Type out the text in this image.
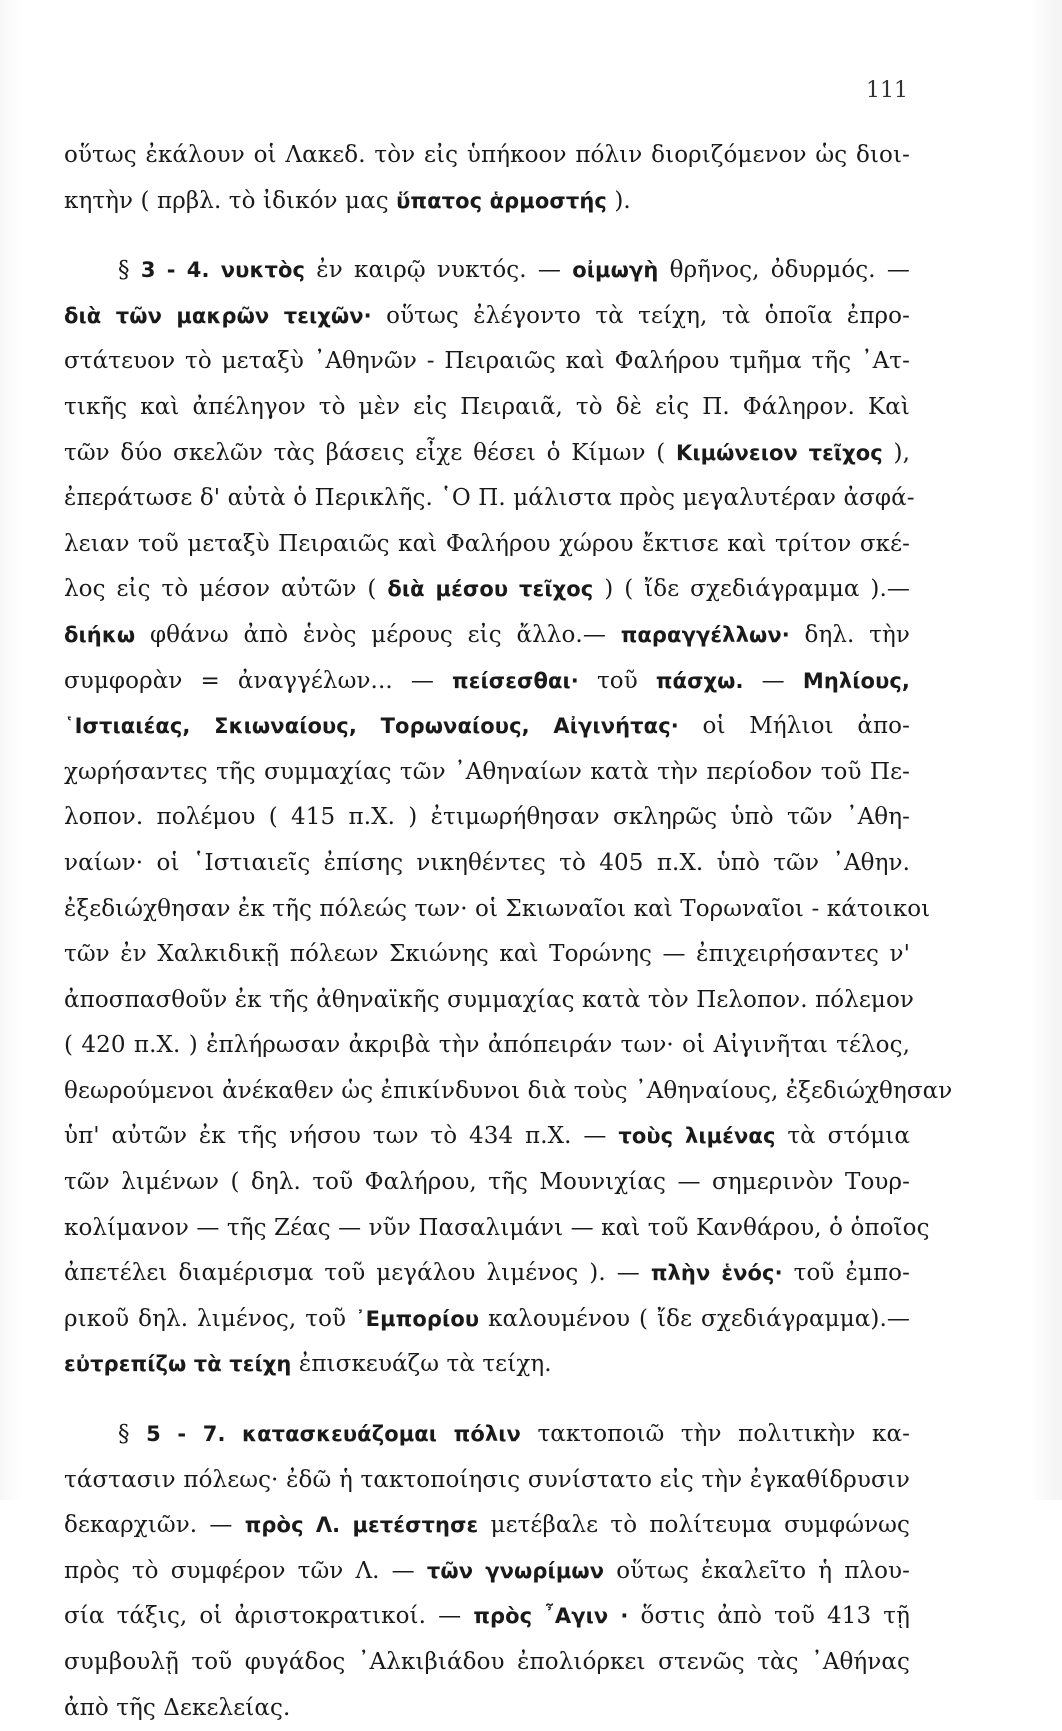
111
οὕτως ἐκάλουν οἱ Λακεδ. τὸν εἰς ὑπήκοον πόλιν διοριζόμενον ὡς διοι-
κητὴν ( πρβλ. τὸ ἰδικόν μας ὕπατος ἁρμοστής ).
§ 3 - 4. νυκτὸς ἐν καιρῷ νυκτός. — οἰμωγὴ θρῆνος, ὀδυρμός. —
διὰ τῶν μακρῶν τειχῶν· οὕτως ἐλέγοντο τὰ τείχη, τὰ ὁποῖα ἐπρο-
στάτευον τὸ μεταξὺ ᾿Αθηνῶν - Πειραιῶς καὶ Φαλήρου τμῆμα τῆς ᾿Ατ-
τικῆς καὶ ἀπέληγον τὸ μὲν εἰς Πειραιᾶ, τὸ δὲ εἰς Π. Φάληρον. Καὶ
τῶν δύο σκελῶν τὰς βάσεις εἶχε θέσει ὁ Κίμων ( Κιμώνειον τεῖχος ),
ἐπεράτωσε δ' αὐτὰ ὁ Περικλῆς. ῾Ο Π. μάλιστα πρὸς μεγαλυτέραν ἀσφά-
λειαν τοῦ μεταξὺ Πειραιῶς καὶ Φαλήρου χώρου ἔκτισε καὶ τρίτον σκέ-
λος εἰς τὸ μέσον αὐτῶν ( διὰ μέσου τεῖχος ) ( ἴδε σχεδιάγραμμα ).—
διήκω φθάνω ἀπὸ ἑνὸς μέρους εἰς ἄλλο.— παραγγέλλων· δηλ. τὴν
συμφορὰν = ἀναγγέλων... — πείσεσθαι· τοῦ πάσχω. — Μηλίους,
῾Ιστιαιέας, Σκιωναίους, Τορωναίους, Αἰγινήτας· οἱ Μήλιοι ἀπο-
χωρήσαντες τῆς συμμαχίας τῶν ᾿Αθηναίων κατὰ τὴν περίοδον τοῦ Πε-
λοπον. πολέμου ( 415 π.Χ. ) ἐτιμωρήθησαν σκληρῶς ὑπὸ τῶν ᾿Αθη-
ναίων· οἱ ῾Ιστιαιεῖς ἐπίσης νικηθέντες τὸ 405 π.Χ. ὑπὸ τῶν ᾿Αθην.
ἐξεδιώχθησαν ἐκ τῆς πόλεώς των· οἱ Σκιωναῖοι καὶ Τορωναῖοι - κάτοικοι
τῶν ἐν Χαλκιδικῇ πόλεων Σκιώνης καὶ Τορώνης — ἐπιχειρήσαντες ν'
ἀποσπασθοῦν ἐκ τῆς ἀθηναϊκῆς συμμαχίας κατὰ τὸν Πελοπον. πόλεμον
( 420 π.Χ. ) ἐπλήρωσαν ἀκριβὰ τὴν ἀπόπειράν των· οἱ Αἰγινῆται τέλος,
θεωρούμενοι ἀνέκαθεν ὡς ἐπικίνδυνοι διὰ τοὺς ᾿Αθηναίους, ἐξεδιώχθησαν
ὑπ' αὐτῶν ἐκ τῆς νήσου των τὸ 434 π.Χ. — τοὺς λιμένας τὰ στόμια
τῶν λιμένων ( δηλ. τοῦ Φαλήρου, τῆς Μουνιχίας — σημερινὸν Τουρ-
κολίμανον — τῆς Ζέας — νῦν Πασαλιμάνι — καὶ τοῦ Κανθάρου, ὁ ὁποῖος
ἀπετέλει διαμέρισμα τοῦ μεγάλου λιμένος ). — πλὴν ἑνός· τοῦ ἐμπο-
ρικοῦ δηλ. λιμένος, τοῦ ᾿Εμπορίου καλουμένου ( ἴδε σχεδιάγραμμα).—
εὐτρεπίζω τὰ τείχη ἐπισκευάζω τὰ τείχη.
§ 5 - 7. κατασκευάζομαι πόλιν τακτοποιῶ τὴν πολιτικὴν κα-
τάστασιν πόλεως· ἐδῶ ἡ τακτοποίησις συνίστατο εἰς τὴν ἐγκαθίδρυσιν
δεκαρχιῶν. — πρὸς Λ. μετέστησε μετέβαλε τὸ πολίτευμα συμφώνως
πρὸς τὸ συμφέρον τῶν Λ. — τῶν γνωρίμων οὕτως ἐκαλεῖτο ἡ πλου-
σία τάξις, οἱ ἀριστοκρατικοί. — πρὸς ῏Αγιν · ὅστις ἀπὸ τοῦ 413 τῇ
συμβουλῇ τοῦ φυγάδος ᾿Αλκιβιάδου ἐπολιόρκει στενῶς τὰς ᾿Αθήνας
ἀπὸ τῆς Δεκελείας.
